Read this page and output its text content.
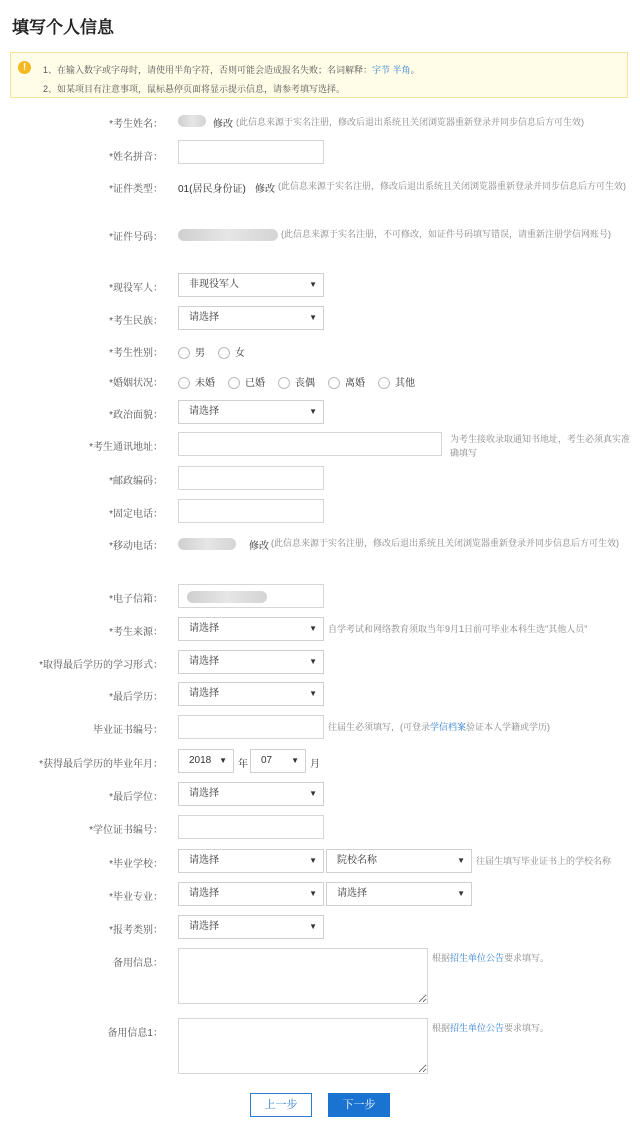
填写个人信息
!	1、在输入数字或字母时，请使用半角字符，否则可能会造成报名失败；名词解释：字节 半角。
2、如某项目有注意事项，鼠标悬停页面将显示提示信息，请参考填写选择。
*考生姓名：	修改 (此信息来源于实名注册，修改后退出系统且关闭浏览器重新登录并同步信息后方可生效)
*姓名拼音：
*证件类型： 01(居民身份证) 修改 (此信息来源于实名注册，修改后退出系统且关闭浏览器重新登录并同步信息后方可生效)
*证件号码：	(此信息来源于实名注册，不可修改，如证件号码填写错误，请重新注册学信网账号)
*现役军人：	非现役军人	▼
*考生民族：	请选择	▼
*考生性别：	男	女
*婚姻状况：	未婚	已婚	丧偶	离婚	其他
*政治面貌：	请选择	▼
*考生通讯地址：
为考生接收录取通知书地址，考生必须真实准确填写
*邮政编码：
*固定电话：
*移动电话：	修改 (此信息来源于实名注册，修改后退出系统且关闭浏览器重新登录并同步信息后方可生效)
*电子信箱：
*考生来源：	请选择	▼ 自学考试和网络教育须取当年9月1日前可毕业本科生选"其他人员"
*取得最后学历的学习形式：	请选择	▼
*最后学历：	请选择	▼
毕业证书编号：	往届生必须填写，(可登录学信档案验证本人学籍或学历)
*获得最后学历的毕业年月：	2018 ▼ 年	07 ▼ 月
*最后学位：	请选择	▼
*学位证书编号：
*毕业学校：	请选择	▼	院校名称	▼ 往届生填写毕业证书上的学校名称
*毕业专业：	请选择	▼	请选择	▼
*报考类别：	请选择	▼
备用信息：	根据招生单位公告要求填写。
备用信息1：	根据招生单位公告要求填写。
上一步	下一步
